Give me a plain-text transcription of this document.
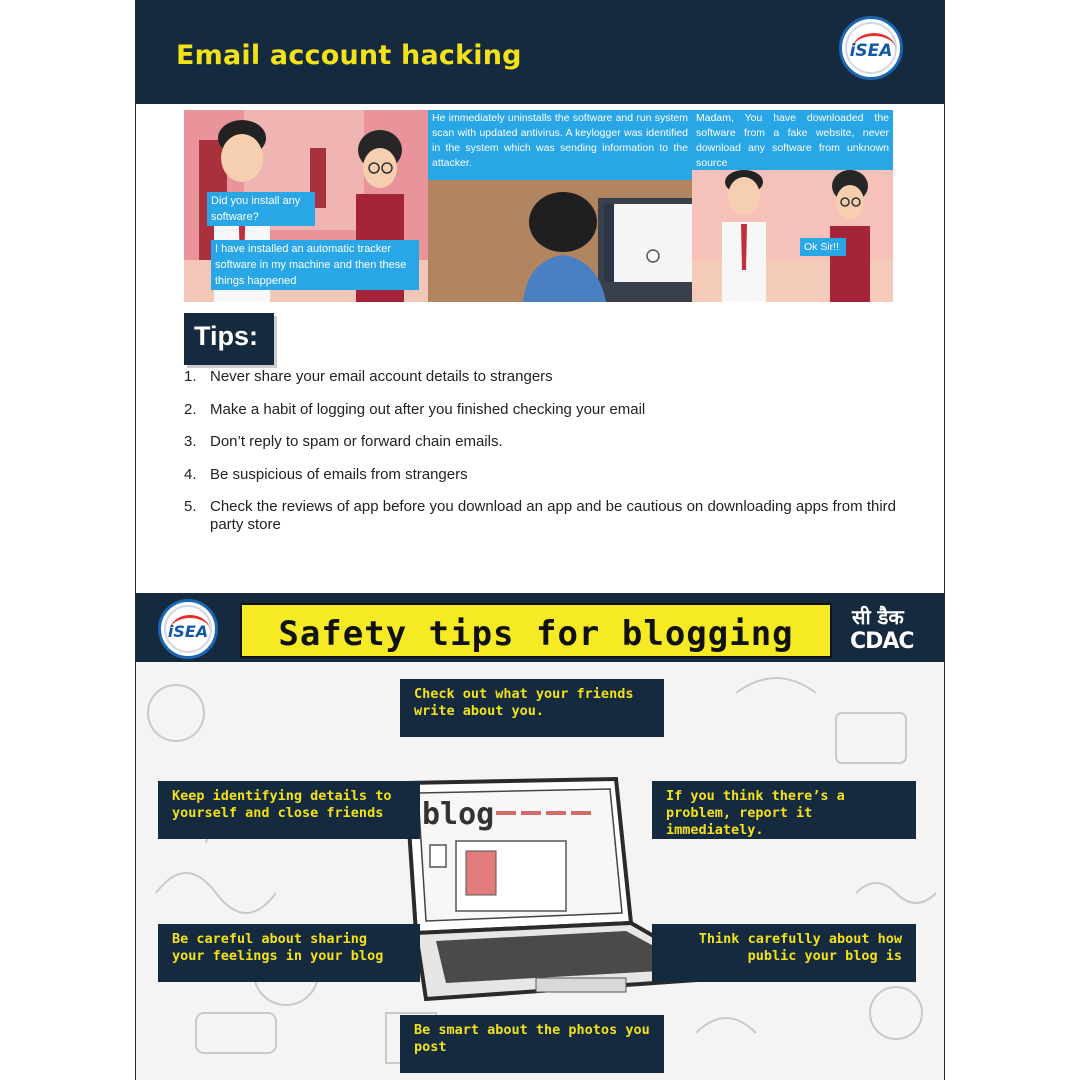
Email account hacking	iSEA
Did you install any software?
I have installed an automatic tracker software in my machine and then these things happened
He immediately uninstalls the software and run system scan with updated antivirus. A keylogger was identified in the system which was sending information to the attacker.
Madam, You have downloaded the software from a fake website, never download any software from unknown source
Ok Sir!!
Tips:
1. Never share your email account details to strangers
2. Make a habit of logging out after you finished checking your email
3. Don’t reply to spam or forward chain emails.
4. Be suspicious of emails from strangers
5. Check the reviews of app before you download an app and be cautious on downloading apps from third party store
iSEA	Safety tips for blogging	सी डैक
CDAC
blog
Check out what your friends write about you.
Keep identifying details to yourself and close friends
If you think there’s a problem, report it immediately.
Be careful about sharing your feelings in your blog
Think carefully about how public your blog is
Be smart about the photos you post
